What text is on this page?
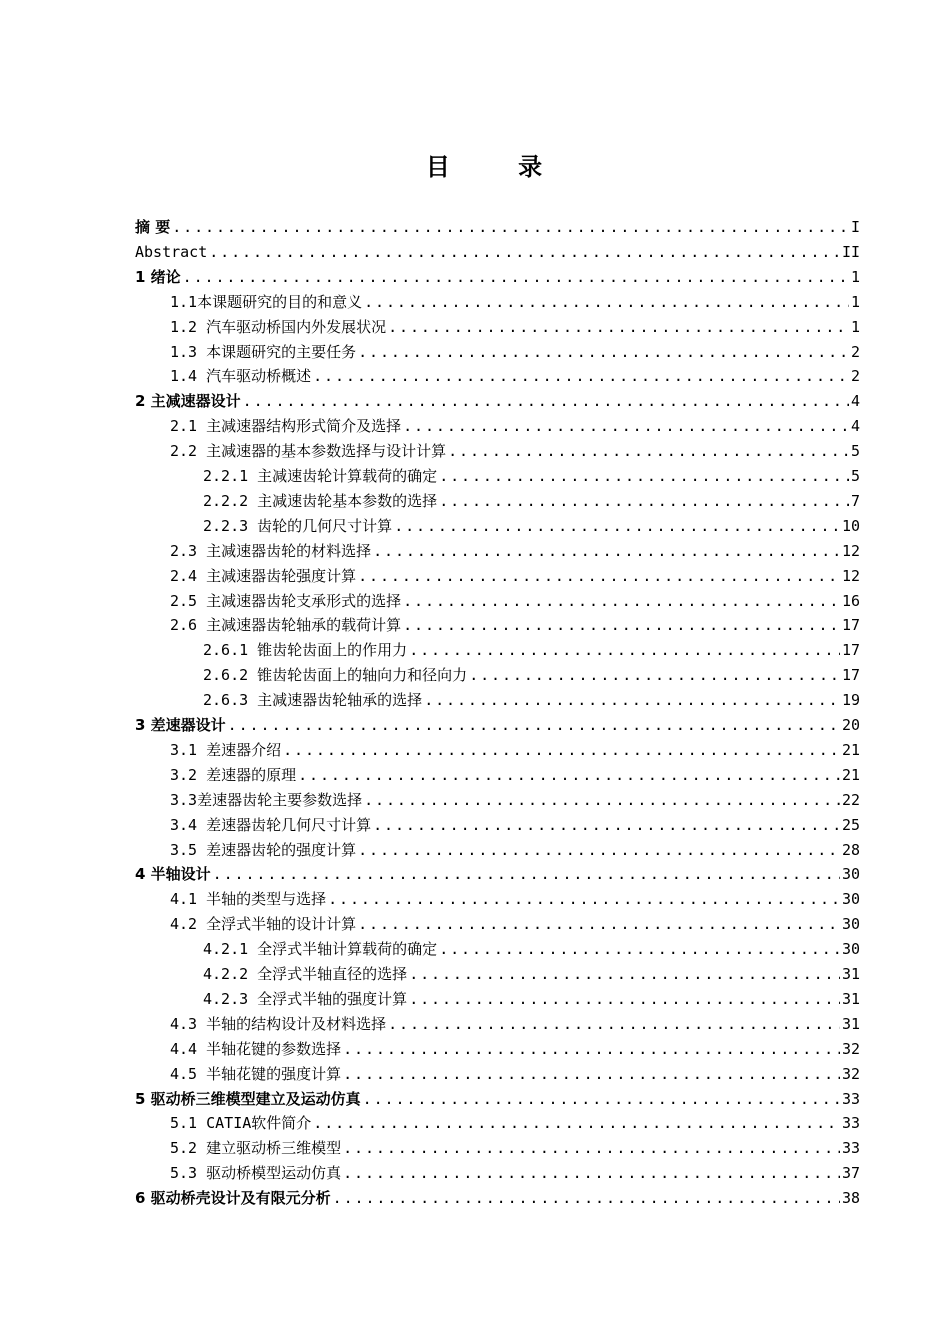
目 录
摘 要 .....	I
Abstract .....	II
1 绪论 .....	1
1.1本课题研究的目的和意义 .....	1
1.2 汽车驱动桥国内外发展状况 .....	1
1.3 本课题研究的主要任务 .....	2
1.4 汽车驱动桥概述 .....	2
2 主减速器设计 .....	4
2.1 主减速器结构形式简介及选择 .....	4
2.2 主减速器的基本参数选择与设计计算 .....	5
2.2.1 主减速齿轮计算载荷的确定 .....	5
2.2.2 主减速齿轮基本参数的选择 .....	7
2.2.3 齿轮的几何尺寸计算 .....	10
2.3 主减速器齿轮的材料选择 .....	12
2.4 主减速器齿轮强度计算 .....	12
2.5 主减速器齿轮支承形式的选择 .....	16
2.6 主减速器齿轮轴承的载荷计算 .....	17
2.6.1 锥齿轮齿面上的作用力 .....	17
2.6.2 锥齿轮齿面上的轴向力和径向力 .....	17
2.6.3 主减速器齿轮轴承的选择 .....	19
3 差速器设计 .....	20
3.1 差速器介绍 .....	21
3.2 差速器的原理 .....	21
3.3差速器齿轮主要参数选择 .....	22
3.4 差速器齿轮几何尺寸计算 .....	25
3.5 差速器齿轮的强度计算 .....	28
4 半轴设计 .....	30
4.1 半轴的类型与选择 .....	30
4.2 全浮式半轴的设计计算 .....	30
4.2.1 全浮式半轴计算载荷的确定 .....	30
4.2.2 全浮式半轴直径的选择 .....	31
4.2.3 全浮式半轴的强度计算 .....	31
4.3 半轴的结构设计及材料选择 .....	31
4.4 半轴花键的参数选择 .....	32
4.5 半轴花键的强度计算 .....	32
5 驱动桥三维模型建立及运动仿真 .....	33
5.1 CATIA软件简介 .....	33
5.2 建立驱动桥三维模型 .....	33
5.3 驱动桥模型运动仿真 .....	37
6 驱动桥壳设计及有限元分析 .....	38
